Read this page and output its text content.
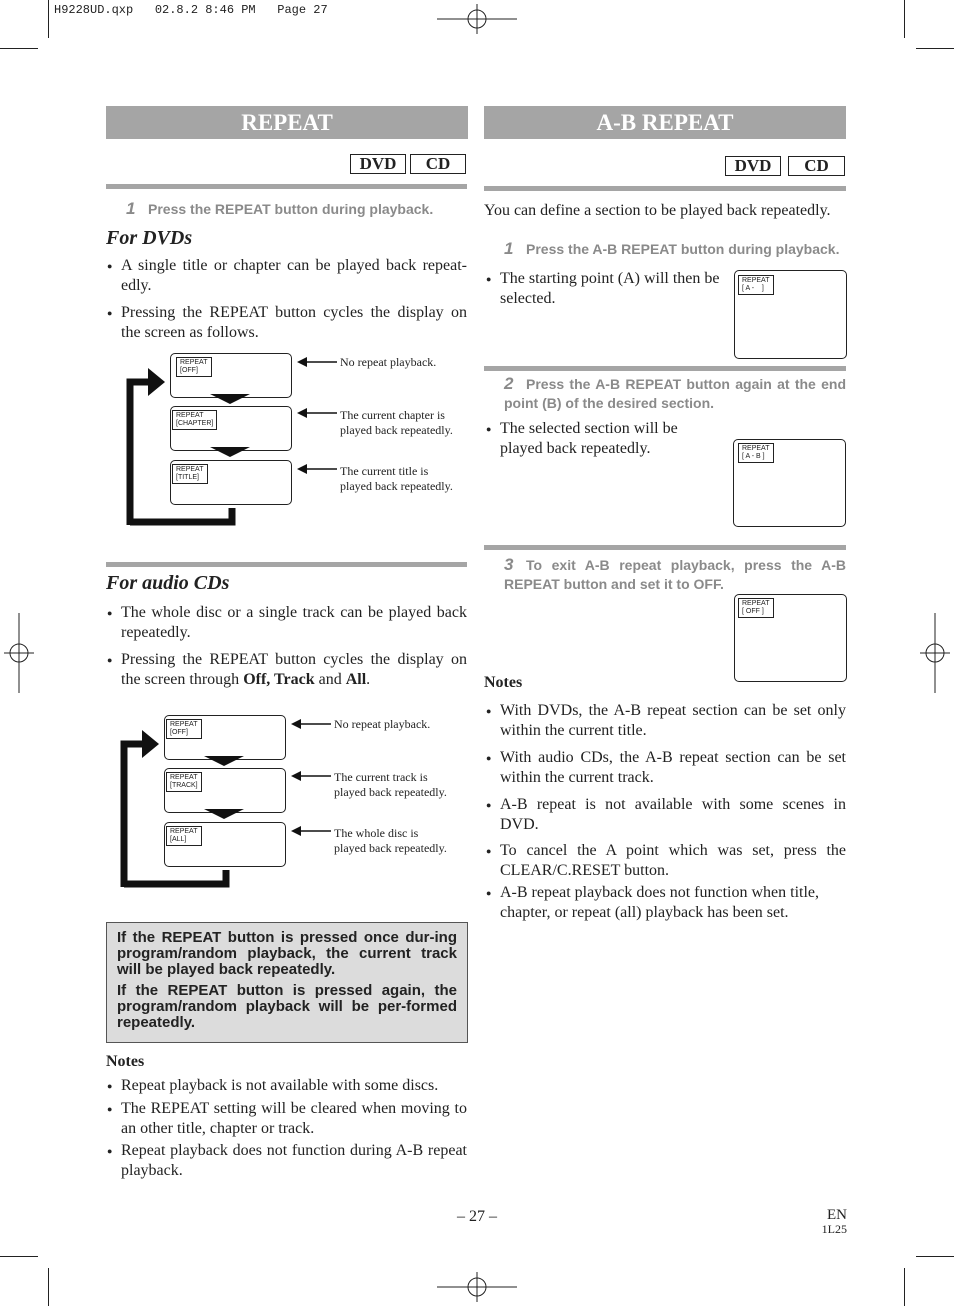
H9228UD.qxp   02.8.2 8:46 PM   Page 27
REPEAT
DVD	CD
1 Press the REPEAT button during playback.
For DVDs
● A single title or chapter can be played back repeat-edly.
● Pressing the REPEAT button cycles the display on the screen as follows.
REPEAT
[OFF]
REPEAT
[CHAPTER]
REPEAT
[TITLE]
No repeat playback.
The current chapter is
played back repeatedly.
The current title is
played back repeatedly.
For audio CDs
● The whole disc or a single track can be played back repeatedly.
● Pressing the REPEAT button cycles the display on the screen through Off, Track and All.
REPEAT
[OFF]
REPEAT
[TRACK]
REPEAT
[ALL]
No repeat playback.
The current track is
played back repeatedly.
The whole disc is
played back repeatedly.

If the REPEAT button is pressed once dur-ing program/random playback, the current track will be played back repeatedly.

If the REPEAT button is pressed again, the program/random playback will be per-formed repeatedly.

Notes
● Repeat playback is not available with some discs.
● The REPEAT setting will be cleared when moving to an other title, chapter or track.
● Repeat playback does not function during A-B repeat playback.
A-B REPEAT
DVD	CD
You can define a section to be played back repeatedly.
1 Press the A-B REPEAT button during playback.
● The starting point (A) will then be selected.
REPEAT
[ A -    ]
2 Press the A-B REPEAT button again at the end point (B) of the desired section.
● The selected section will be played back repeatedly.	REPEAT
[ A - B ]
3 To exit A-B repeat playback, press the A-B REPEAT button and set it to OFF.
REPEAT
[ OFF ]
Notes
● With DVDs, the A-B repeat section can be set only within the current title.
● With audio CDs, the A-B repeat section can be set within the current track.
● A-B repeat is not available with some scenes in DVD.
● To cancel the A point which was set, press the CLEAR/C.RESET button.
● A-B repeat playback does not function when title, chapter, or repeat (all) playback has been set.
– 27 –	EN
1L25
